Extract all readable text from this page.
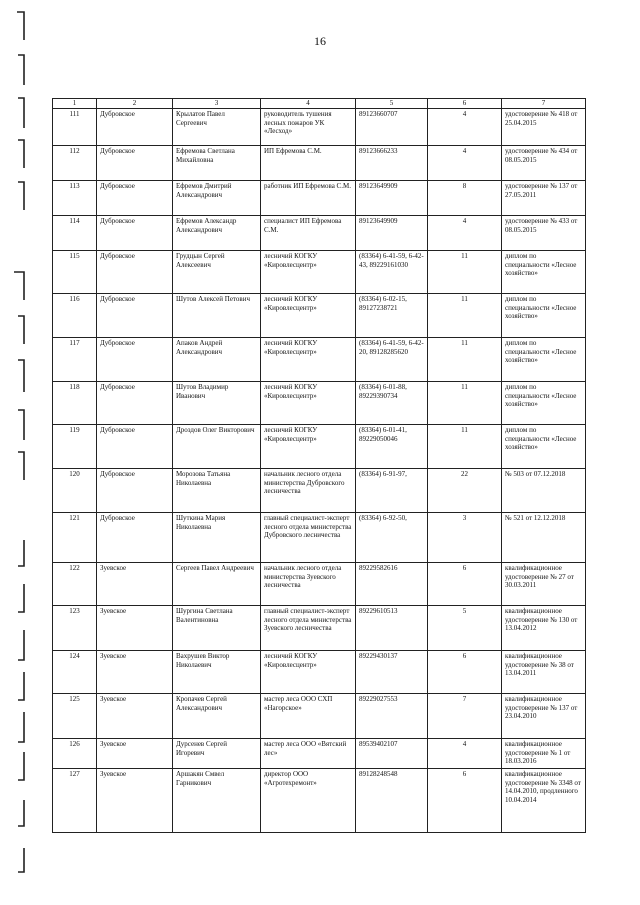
16
1	2	3	4	5	6	7
111	Дубровское	Крылатов Павел Сергеевич	руководитель тушения лесных пожаров УК «Лесход»	89123660707	4	удостоверение № 418 от 25.04.2015
112	Дубровское	Ефремова Светлана Михайловна	ИП Ефремова С.М.	89123666233	4	удостоверение № 434 от 08.05.2015
113	Дубровское	Ефремов Дмитрий Александрович	работник ИП Ефремова С.М.	89123649909	8	удостоверение № 137 от 27.05.2011
114	Дубровское	Ефремов Александр Александрович	специалист ИП Ефремова С.М.	89123649909	4	удостоверение № 433 от 08.05.2015
115	Дубровское	Грудцын Сергей Алексеевич	лесничий КОГКУ «Кировлесцентр»	(83364) 6-41-59, 6-42-43, 89229161030	11	диплом по специальности «Лесное хозяйство»
116	Дубровское	Шутов Алексей Петович	лесничий КОГКУ «Кировлесцентр»	(83364) 6-02-15, 89127238721	11	диплом по специальности «Лесное хозяйство»
117	Дубровское	Апаков Андрей Александрович	лесничий КОГКУ «Кировлесцентр»	(83364) 6-41-59, 6-42-20, 89128285620	11	диплом по специальности «Лесное хозяйство»
118	Дубровское	Шутов Владимир Иванович	лесничий КОГКУ «Кировлесцентр»	(83364) 6-01-88, 89229390734	11	диплом по специальности «Лесное хозяйство»
119	Дубровское	Дроздов Олег Викторович	лесничий КОГКУ «Кировлесцентр»	(83364) 6-01-41, 89229050046	11	диплом по специальности «Лесное хозяйство»
120	Дубровское	Морозова Татьяна Николаевна	начальник лесного отдела министерства Дубровского лесничества	(83364) 6-91-97,	22	№ 503 от 07.12.2018
121	Дубровское	Шуткина Мария Николаевна	главный специалист-эксперт лесного отдела министерства Дубровского лесничества	(83364) 6-92-50,	3	№ 521 от 12.12.2018
122	Зуевское	Сергеев Павел Андреевич	начальник лесного отдела министерства Зуевского лесничества	89229582616	6	квалификационное удостоверение № 27 от 30.03.2011
123	Зуевское	Шургина Светлана Валентиновна	главный специалист-эксперт лесного отдела министерства Зуевского лесничества	89229610513	5	квалификационное удостоверение № 130 от 13.04.2012
124	Зуевское	Вахрушев Виктор Николаевич	лесничий КОГКУ «Кировлесцентр»	89229430137	6	квалификационное удостоверение № 38 от 13.04.2011
125	Зуевское	Кропачев Сергей Александрович	мастер леса ООО СХП «Нагорское»	89229027553	7	квалификационное удостоверение № 137 от 23.04.2010
126	Зуевское	Дурсенев Сергей Игоревич	мастер леса ООО «Вятский лес»	89539402107	4	квалификационное удостоверение № 1 от 18.03.2016
127	Зуевское	Аршакян Смвел Гарникович	директор ООО «Агротехремонт»	89128248548	6	квалификационное удостоверение № 3348 от 14.04.2010, продленного 10.04.2014
